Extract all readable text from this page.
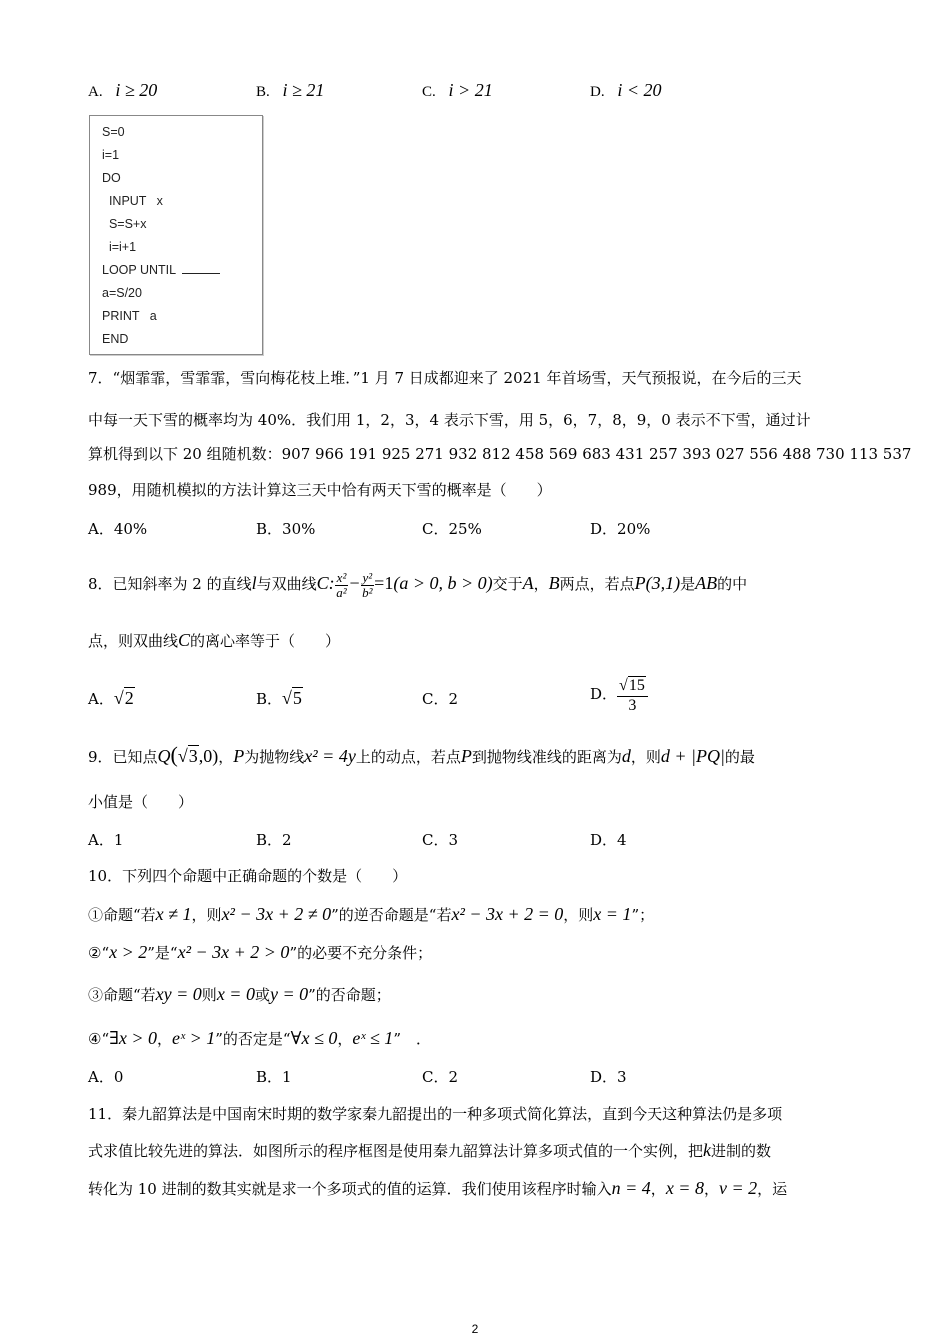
A. i ≥ 20	B. i ≥ 21	C. i > 21	D. i < 20
S=0
i=1
DO
INPUT   x
S=S+x
i=i+1
LOOP UNTIL
a=S/20
PRINT   a
END
7．“烟霏霏，雪霏霏，雪向梅花枝上堆．”1 月 7 日成都迎来了 2021 年首场雪，天气预报说，在今后的三天
中每一天下雪的概率均为 40%．我们用 1，2，3，4 表示下雪，用 5，6，7，8，9，0 表示不下雪，通过计
算机得到以下 20 组随机数：907 966 191 925 271 932 812 458 569 683 431 257 393 027 556 488 730 113 537
989，用随机模拟的方法计算这三天中恰有两天下雪的概率是（　　）
A．40%	B．30%	C．25%	D．20%
8．已知斜率为 2 的直线l与双曲线C: $\frac{\text{x²}}{\text{a²}} - \frac{\text{y²}}{\text{b²}} =1(a > 0$, b > 0)交于A，B两点，若点P(3,1)是AB的中
点，则双曲线C的离心率等于（　　）
A．√2	B．√5	C．2	D． $\frac{√15}{3}$
9．已知点Q(√3,0)，P为抛物线x² = 4y上的动点，若点P到抛物线准线的距离为d，则d + |PQ|的最
小值是（　　）
A．1	B．2	C．3	D．4
10．下列四个命题中正确命题的个数是（　　）
①命题“若x ≠ 1，则x² − 3x + 2 ≠ 0”的逆否命题是“若x² − 3x + 2 = 0，则x = 1”；
②“x > 2”是“x² − 3x + 2 > 0”的必要不充分条件；
③命题“若xy = 0则x = 0或y = 0”的否命题；
④“∃x > 0，eˣ > 1”的否定是“∀x ≤ 0，eˣ ≤ 1”　．
A．0	B．1	C．2	D．3
11．秦九韶算法是中国南宋时期的数学家秦九韶提出的一种多项式简化算法，直到今天这种算法仍是多项
式求值比较先进的算法．如图所示的程序框图是使用秦九韶算法计算多项式值的一个实例，把k进制的数
转化为 10 进制的数其实就是求一个多项式的值的运算．我们使用该程序时输入n = 4，x = 8，v = 2，运
2
